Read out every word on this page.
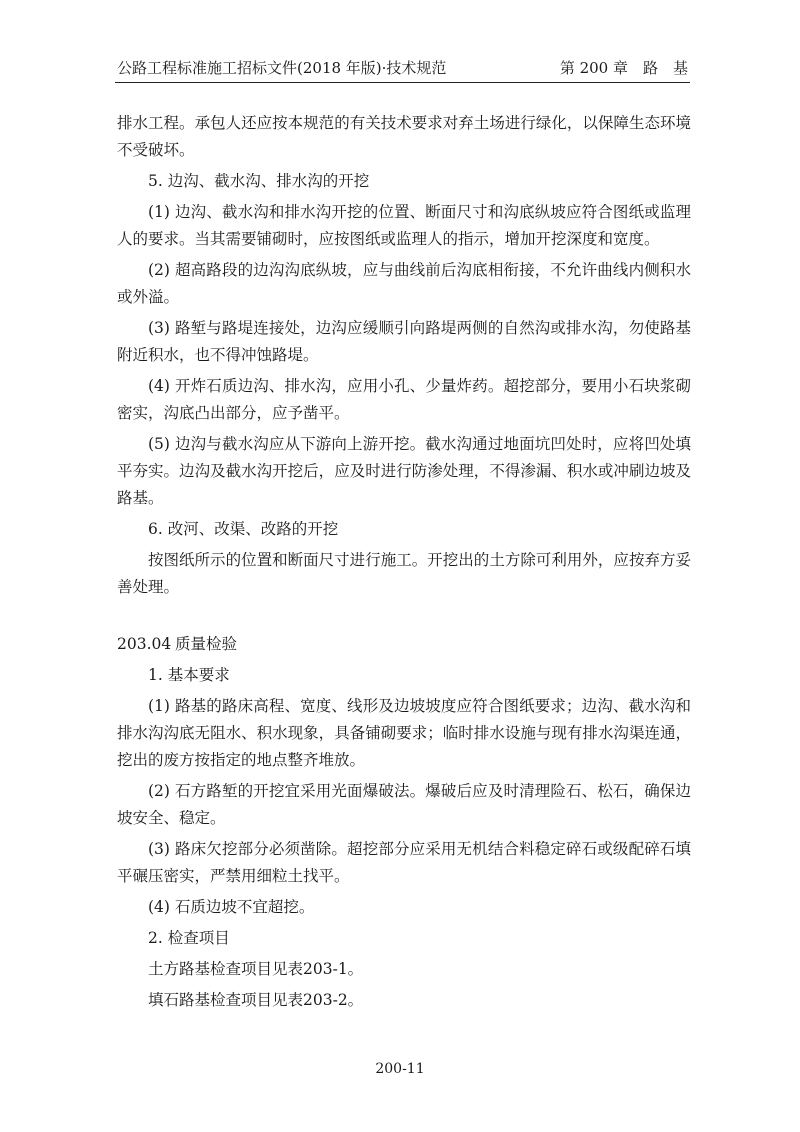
公路工程标准施工招标文件(2018 年版)·技术规范	第 200 章　路　基

排水工程。承包人还应按本规范的有关技术要求对弃土场进行绿化，以保障生态环境不受破坏。

5. 边沟、截水沟、排水沟的开挖

(1) 边沟、截水沟和排水沟开挖的位置、断面尺寸和沟底纵坡应符合图纸或监理人的要求。当其需要铺砌时，应按图纸或监理人的指示，增加开挖深度和宽度。

(2) 超高路段的边沟沟底纵坡，应与曲线前后沟底相衔接，不允许曲线内侧积水或外溢。

(3) 路堑与路堤连接处，边沟应缓顺引向路堤两侧的自然沟或排水沟，勿使路基附近积水，也不得冲蚀路堤。

(4) 开炸石质边沟、排水沟，应用小孔、少量炸药。超挖部分，要用小石块浆砌密实，沟底凸出部分，应予凿平。

(5) 边沟与截水沟应从下游向上游开挖。截水沟通过地面坑凹处时，应将凹处填平夯实。边沟及截水沟开挖后，应及时进行防渗处理，不得渗漏、积水或冲刷边坡及路基。

6. 改河、改渠、改路的开挖

按图纸所示的位置和断面尺寸进行施工。开挖出的土方除可利用外，应按弃方妥善处理。

203.04 质量检验

1. 基本要求

(1) 路基的路床高程、宽度、线形及边坡坡度应符合图纸要求；边沟、截水沟和排水沟沟底无阻水、积水现象，具备铺砌要求；临时排水设施与现有排水沟渠连通，挖出的废方按指定的地点整齐堆放。

(2) 石方路堑的开挖宜采用光面爆破法。爆破后应及时清理险石、松石，确保边坡安全、稳定。

(3) 路床欠挖部分必须凿除。超挖部分应采用无机结合料稳定碎石或级配碎石填平碾压密实，严禁用细粒土找平。

(4) 石质边坡不宜超挖。

2. 检查项目

土方路基检查项目见表203-1。

填石路基检查项目见表203-2。

200-11
